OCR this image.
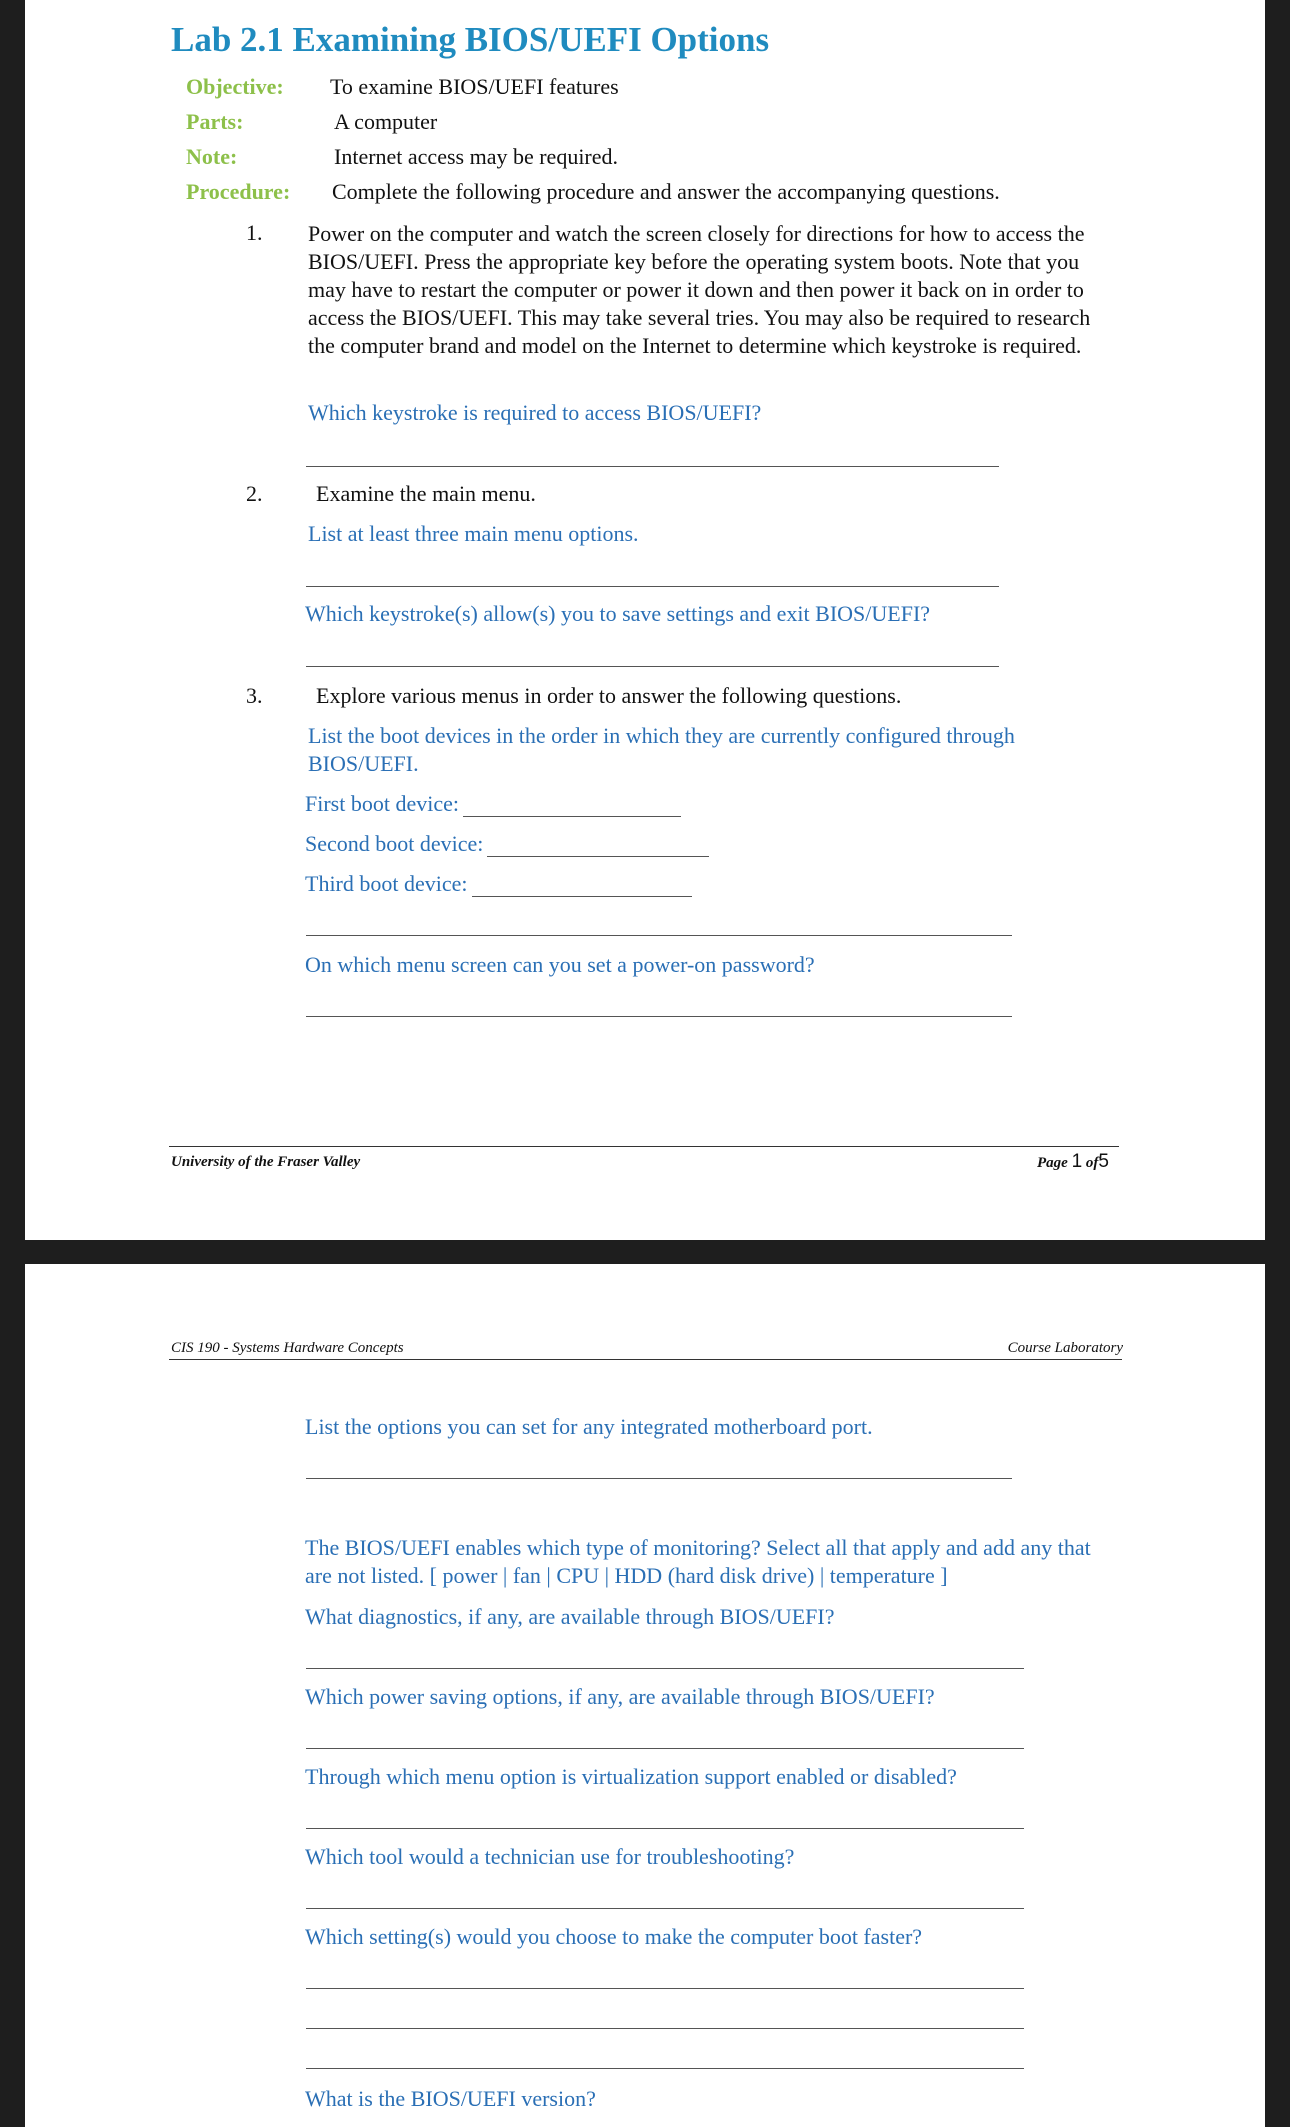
Lab 2.1 Examining BIOS/UEFI Options
Objective: To examine BIOS/UEFI features
Parts:	A computer
Note:	Internet access may be required.
Procedure: Complete the following procedure and answer the accompanying questions.
1. Power on the computer and watch the screen closely for directions for how to access the BIOS/UEFI. Press the appropriate key before the operating system boots. Note that you may have to restart the computer or power it down and then power it back on in order to access the BIOS/UEFI. This may take several tries. You may also be required to research the computer brand and model on the Internet to determine which keystroke is required.
Which keystroke is required to access BIOS/UEFI?
2. Examine the main menu.
List at least three main menu options.
Which keystroke(s) allow(s) you to save settings and exit BIOS/UEFI?
3. Explore various menus in order to answer the following questions.
List the boot devices in the order in which they are currently configured through BIOS/UEFI.
First boot device:
Second boot device:
Third boot device:
On which menu screen can you set a power-on password?
University of the Fraser Valley	Page 1 of5
CIS 190 - Systems Hardware Concepts	Course Laboratory
List the options you can set for any integrated motherboard port.
The BIOS/UEFI enables which type of monitoring? Select all that apply and add any that are not listed. [ power | fan | CPU | HDD (hard disk drive) | temperature ]
What diagnostics, if any, are available through BIOS/UEFI?
Which power saving options, if any, are available through BIOS/UEFI?
Through which menu option is virtualization support enabled or disabled?
Which tool would a technician use for troubleshooting?
Which setting(s) would you choose to make the computer boot faster?
What is the BIOS/UEFI version?
